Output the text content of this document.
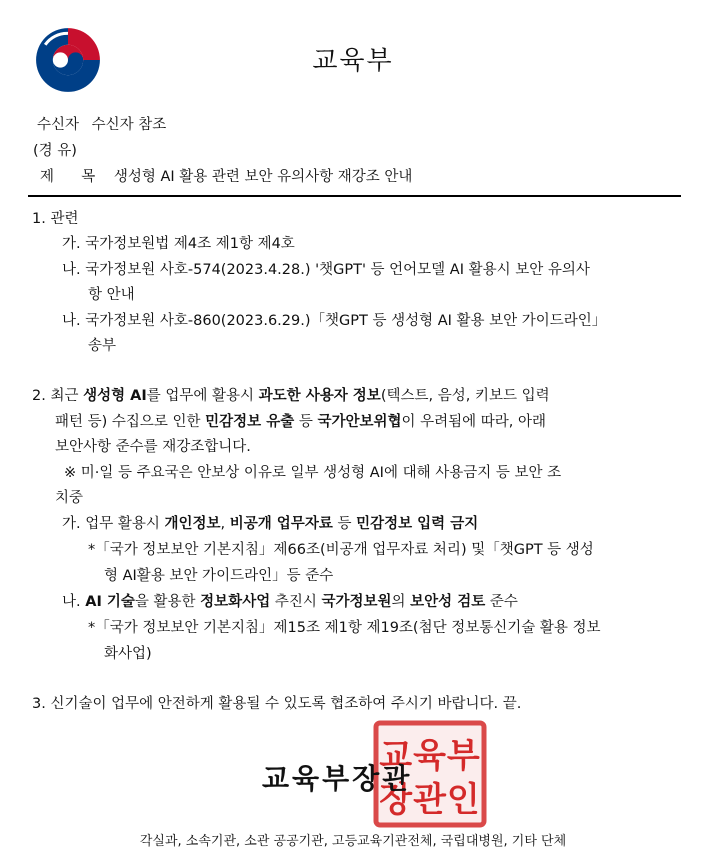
교육부
수신자 수신자 참조
(경 유)
제  목 생성형 AI 활용 관련 보안 유의사항 재강조 안내
1. 관련
가. 국가정보원법 제4조 제1항 제4호
나. 국가정보원 사호-574(2023.4.28.) '챗GPT' 등 언어모델 AI 활용시 보안 유의사
항 안내
나. 국가정보원 사호-860(2023.6.29.)「챗GPT 등 생성형 AI 활용 보안 가이드라인」
송부
2. 최근 생성형 AI를 업무에 활용시 과도한 사용자 정보(텍스트, 음성, 키보드 입력
패턴 등) 수집으로 인한 민감정보 유출 등 국가안보위협이 우려됨에 따라, 아래
보안사항 준수를 재강조합니다.
※ 미·일 등 주요국은 안보상 이유로 일부 생성형 AI에 대해 사용금지 등 보안 조
치중
가. 업무 활용시 개인정보, 비공개 업무자료 등 민감정보 입력 금지
*「국가 정보보안 기본지침」제66조(비공개 업무자료 처리) 및「챗GPT 등 생성
형 AI활용 보안 가이드라인」등 준수
나. AI 기술을 활용한 정보화사업 추진시 국가정보원의 보안성 검토 준수
*「국가 정보보안 기본지침」제15조 제1항 제19조(첨단 정보통신기술 활용 정보
화사업)
3. 신기술이 업무에 안전하게 활용될 수 있도록 협조하여 주시기 바랍니다. 끝.
교육부
장관인
교육부장관
각실과, 소속기관, 소관 공공기관, 고등교육기관전체, 국립대병원, 기타 단체
